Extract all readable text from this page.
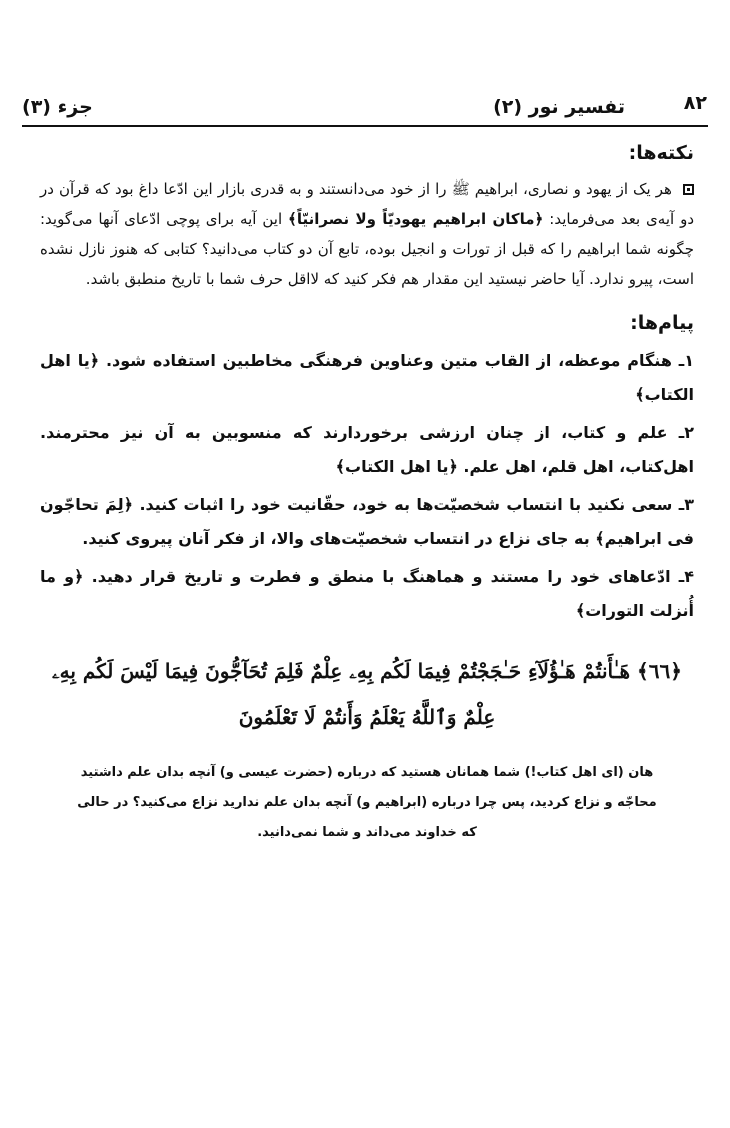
۸۲
تفسیر نور (۲)
جزء (۳)
نکته‌ها:
هر یک از یهود و نصاری، ابراهیم ﷺ را از خود می‌دانستند و به قدری بازار این ادّعا داغ بود که قرآن در دو آیه‌ی بعد می‌فرماید: ﴿ماکان ابراهیم یهودیّاً ولا نصرانیّاً﴾ این آیه برای پوچی ادّعای آنها می‌گوید: چگونه شما ابراهیم را که قبل از تورات و انجیل بوده، تابع آن دو کتاب می‌دانید؟ کتابی که هنوز نازل نشده است، پیرو ندارد. آیا حاضر نیستید این مقدار هم فکر کنید که لااقل حرف شما با تاریخ منطبق باشد.
پیام‌ها:
۱ـ هنگام موعظه، از القاب متین وعناوین فرهنگی مخاطبین استفاده شود. ﴿یا اهل الکتاب﴾
۲ـ علم و کتاب، از چنان ارزشی برخوردارند که منسوبین به آن نیز محترمند. اهل‌کتاب، اهل قلم، اهل علم. ﴿یا اهل الکتاب﴾
۳ـ سعی نکنید با انتساب شخصیّت‌ها به خود، حقّانیت خود را اثبات کنید. ﴿لِمَ تحاجّون فی ابراهیم﴾ به جای نزاع در انتساب شخصیّت‌های والا، از فکر آنان پیروی کنید.
۴ـ ادّعاهای خود را مستند و هماهنگ با منطق و فطرت و تاریخ قرار دهید. ﴿و ما أُنزلت التورات﴾
﴿٦٦﴾ هَـٰأَنتُمْ هَـٰؤُلَآءِ حَـٰجَجْتُمْ فِيمَا لَكُم بِهِۦ عِلْمٌ فَلِمَ تُحَآجُّونَ فِيمَا لَيْسَ لَكُم بِهِۦ عِلْمٌ وَٱللَّهُ يَعْلَمُ وَأَنتُمْ لَا تَعْلَمُونَ
هان (ای اهل کتاب!) شما همانان هستید که درباره (حضرت عیسی و) آنچه بدان علم داشتید محاجّه و نزاع کردید، پس چرا درباره (ابراهیم و) آنچه بدان علم ندارید نزاع می‌کنید؟ در حالی که خداوند می‌داند و شما نمی‌دانید.
